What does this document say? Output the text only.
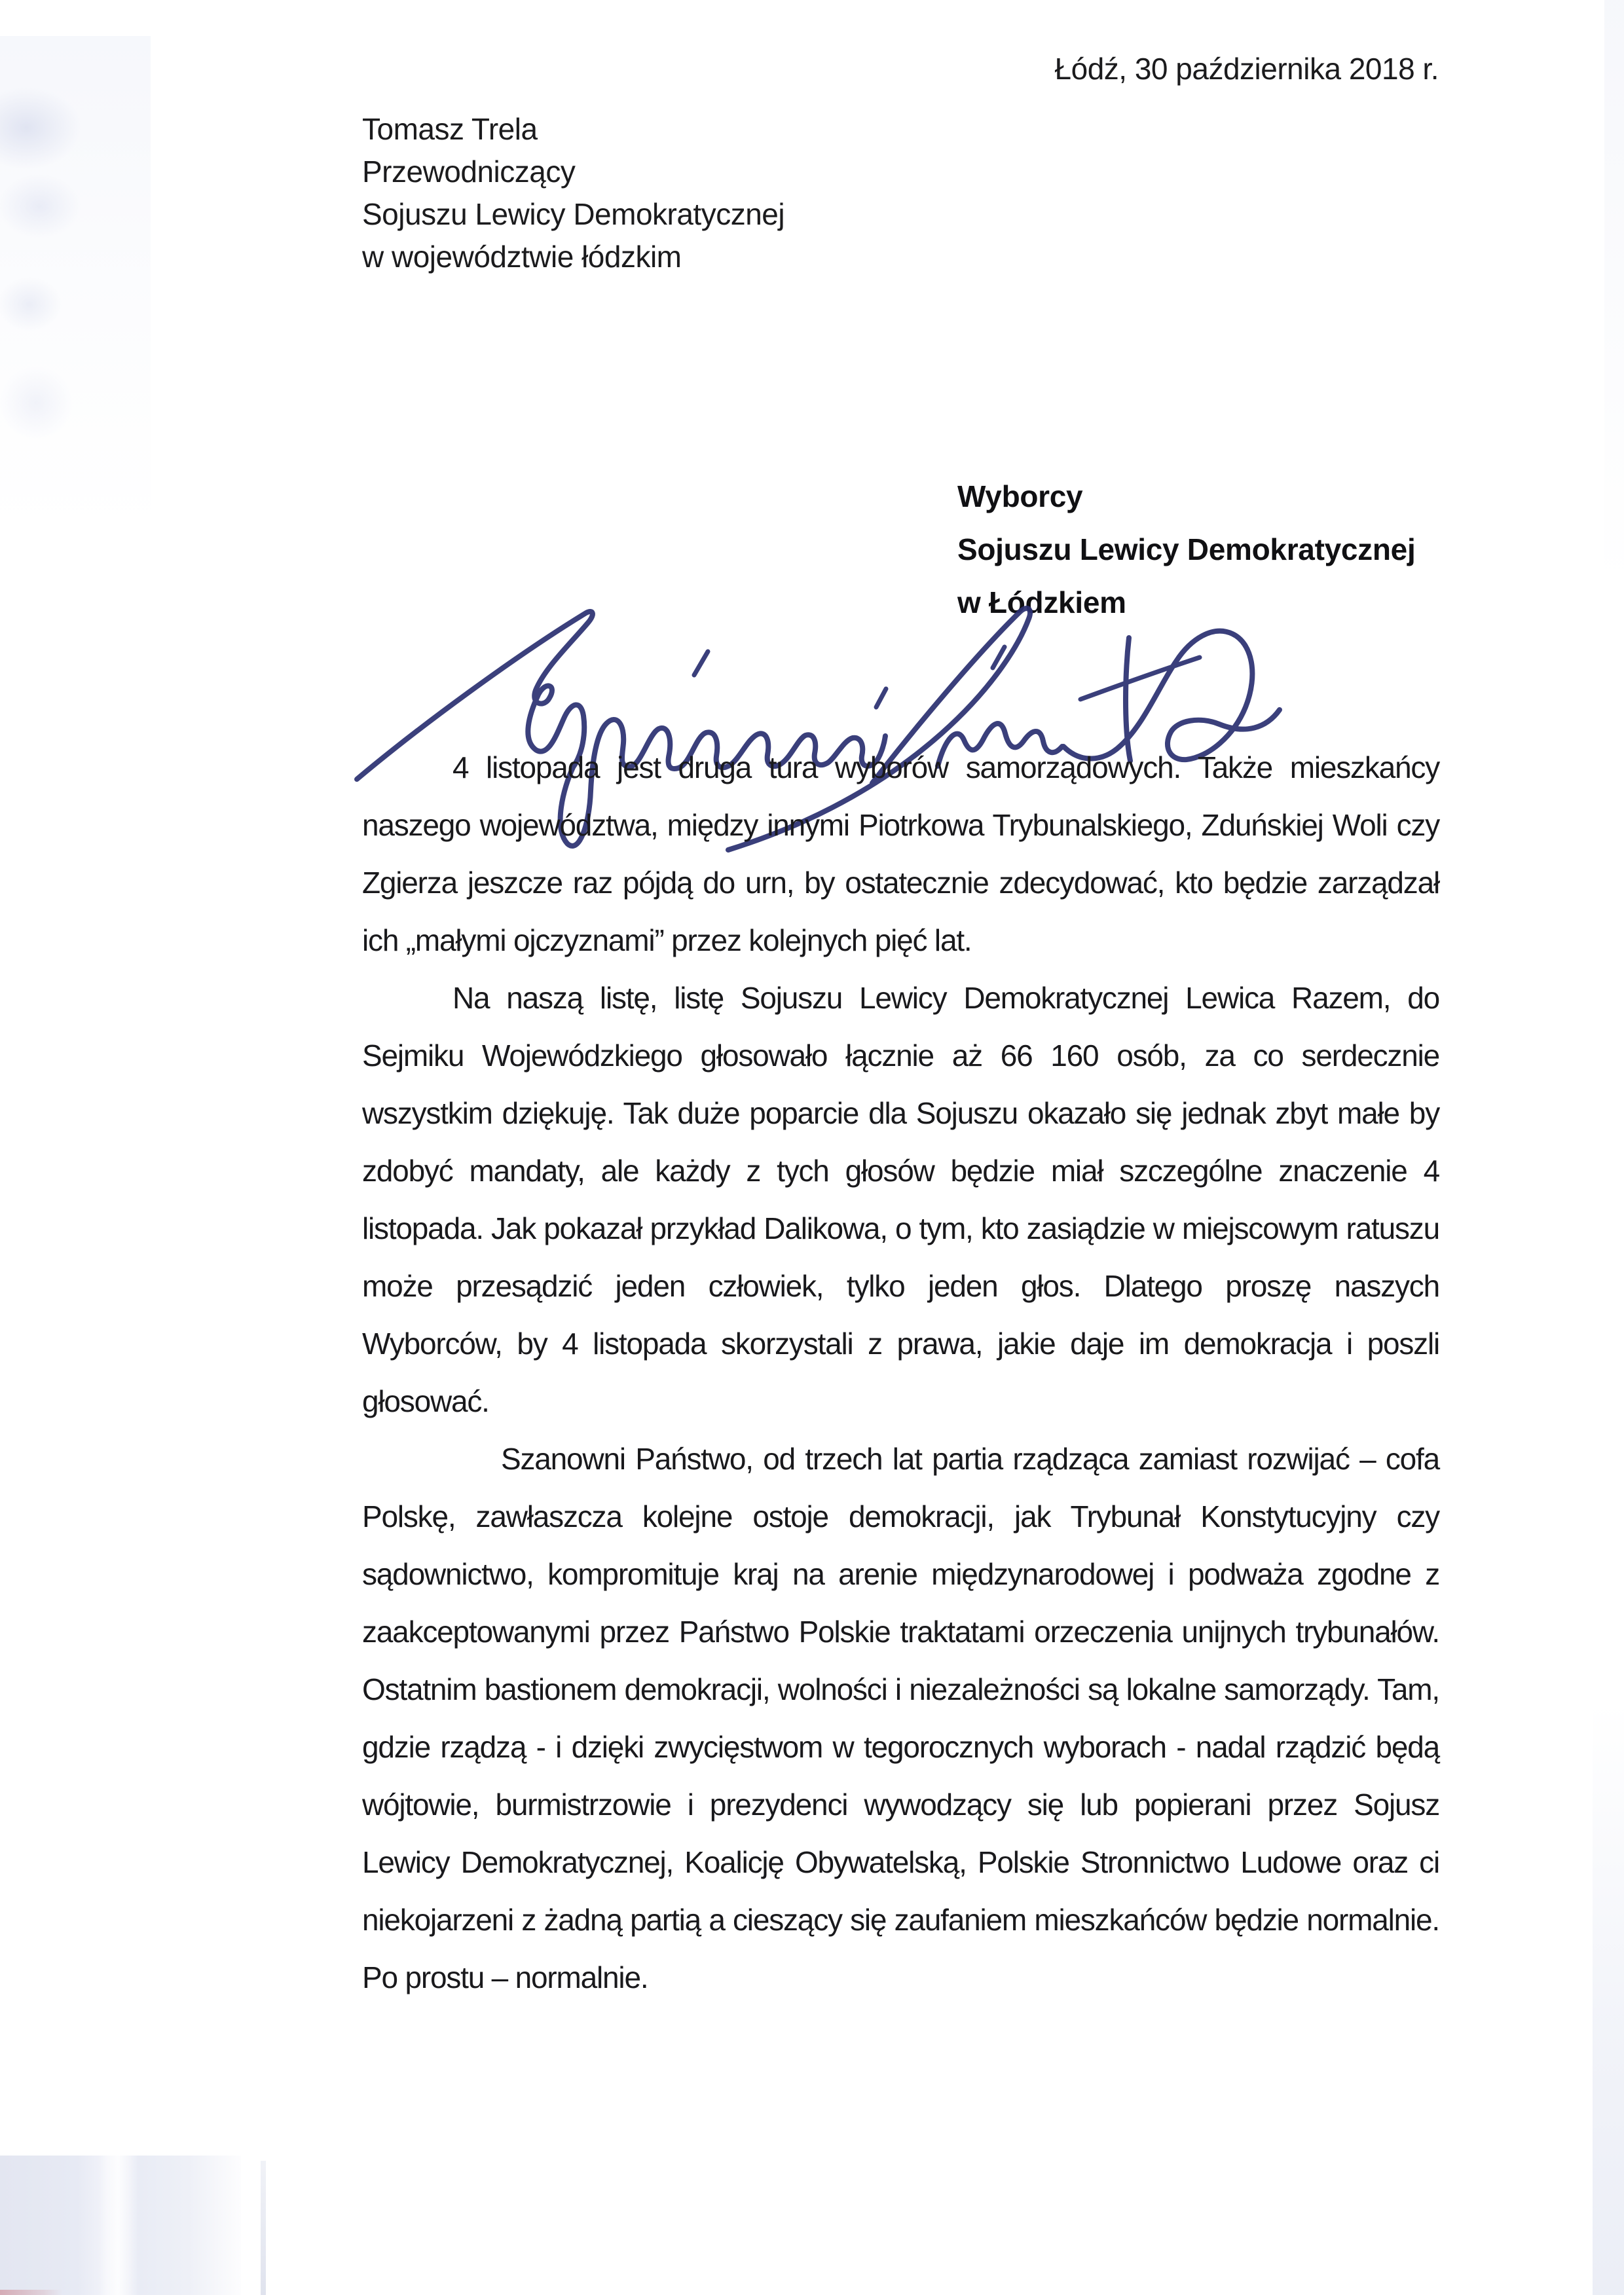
Łódź, 30 października 2018 r.
Tomasz Trela
Przewodniczący
Sojuszu Lewicy Demokratycznej
w województwie łódzkim
Wyborcy
Sojuszu Lewicy Demokratycznej
w Łódzkiem

4 listopada jest druga tura wyborów samorządowych. Także mieszkańcy naszego województwa, między innymi Piotrkowa Trybunalskiego, Zduńskiej Woli czy Zgierza jeszcze raz pójdą do urn, by ostatecznie zdecydować, kto będzie zarządzał ich „małymi ojczyznami” przez kolejnych pięć lat.

Na naszą listę, listę Sojuszu Lewicy Demokratycznej Lewica Razem, do Sejmiku Wojewódzkiego głosowało łącznie aż 66 160 osób, za co serdecznie wszystkim dziękuję. Tak duże poparcie dla Sojuszu okazało się jednak zbyt małe by zdobyć mandaty, ale każdy z tych głosów będzie miał szczególne znaczenie 4 listopada. Jak pokazał przykład Dalikowa, o tym, kto zasiądzie w miejscowym ratuszu może przesądzić jeden człowiek, tylko jeden głos. Dlatego proszę naszych Wyborców, by 4 listopada skorzystali z prawa, jakie daje im demokracja i poszli głosować.

Szanowni Państwo, od trzech lat partia rządząca zamiast rozwijać – cofa Polskę, zawłaszcza kolejne ostoje demokracji, jak Trybunał Konstytucyjny czy sądownictwo, kompromituje kraj na arenie międzynarodowej i podważa zgodne z zaakceptowanymi przez Państwo Polskie traktatami orzeczenia unijnych trybunałów. Ostatnim bastionem demokracji, wolności i niezależności są lokalne samorządy. Tam, gdzie rządzą - i dzięki zwycięstwom w tegorocznych wyborach - nadal rządzić będą wójtowie, burmistrzowie i prezydenci wywodzący się lub popierani przez Sojusz Lewicy Demokratycznej, Koalicję Obywatelską, Polskie Stronnictwo Ludowe oraz ci niekojarzeni z żadną partią a cieszący się zaufaniem mieszkańców będzie normalnie. Po prostu – normalnie.
